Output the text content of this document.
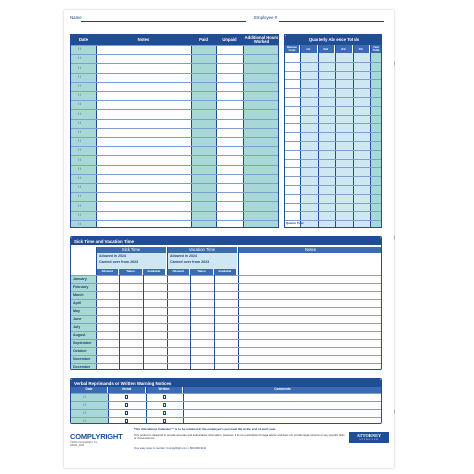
Name	Employee #
Date	Notes	Paid	Unpaid	Additional Hours Worked
/ /
/ /
/ /
/ /
/ /
/ /
/ /
/ /
/ /
/ /
/ /
/ /
/ /
/ /
/ /
/ /
/ /
/ /
/ /
/ /
Quarterly Absence Totals
Reason Code	1st	2nd	3rd	4th	Year Total
Quarter Total
Sick Time and Vacation Time
Sick Time	Vacation Time	Notes
Allowed in 2024
Carried over from 2023
Allowed in 2024
Carried over from 2023
Allowed	Taken	Available	Allowed	Taken	Available
January
February
March
April
May
June
July
August
September
October
November
December
Verbal Reprimands or Written Warning Notices
Date	Verbal	Written	Comments
/ /
/ /
/ /
/ /
This Attendance Calendar™ is to be retained in the employee's personal file at the end of each year.
This product is designed to provide accurate and authoritative information. However, it is not a substitute for legal advice and does not provide legal opinions on any specific facts or circumstances.
Five easy ways to reorder: ComplyRight.com • 800-999-9111
COMPLYRIGHT
©2023 ComplyRight, Inc.
A9000_2024
ATTORNEY
APPROVED
